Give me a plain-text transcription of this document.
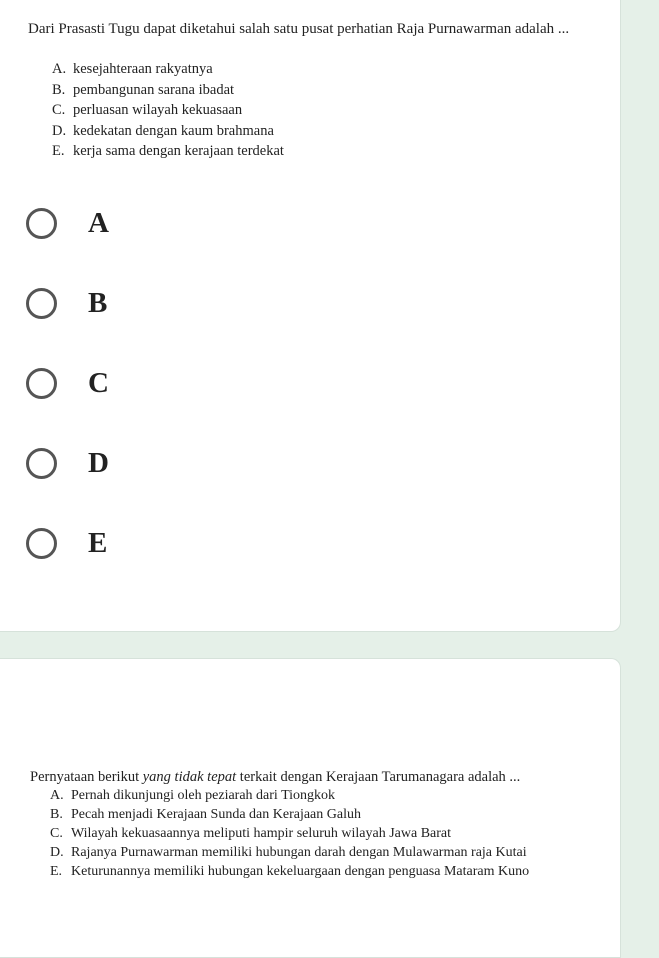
Dari Prasasti Tugu dapat diketahui salah satu pusat perhatian Raja Purnawarman adalah ...
A. kesejahteraan rakyatnya
B. pembangunan sarana ibadat
C. perluasan wilayah kekuasaan
D. kedekatan dengan kaum brahmana
E. kerja sama dengan kerajaan terdekat
A
B
C
D
E
Pernyataan berikut yang tidak tepat terkait dengan Kerajaan Tarumanagara adalah ...
A. Pernah dikunjungi oleh peziarah dari Tiongkok
B. Pecah menjadi Kerajaan Sunda dan Kerajaan Galuh
C. Wilayah kekuasaannya meliputi hampir seluruh wilayah Jawa Barat
D. Rajanya Purnawarman memiliki hubungan darah dengan Mulawarman raja Kutai
E. Keturunannya memiliki hubungan kekeluargaan dengan penguasa Mataram Kuno
